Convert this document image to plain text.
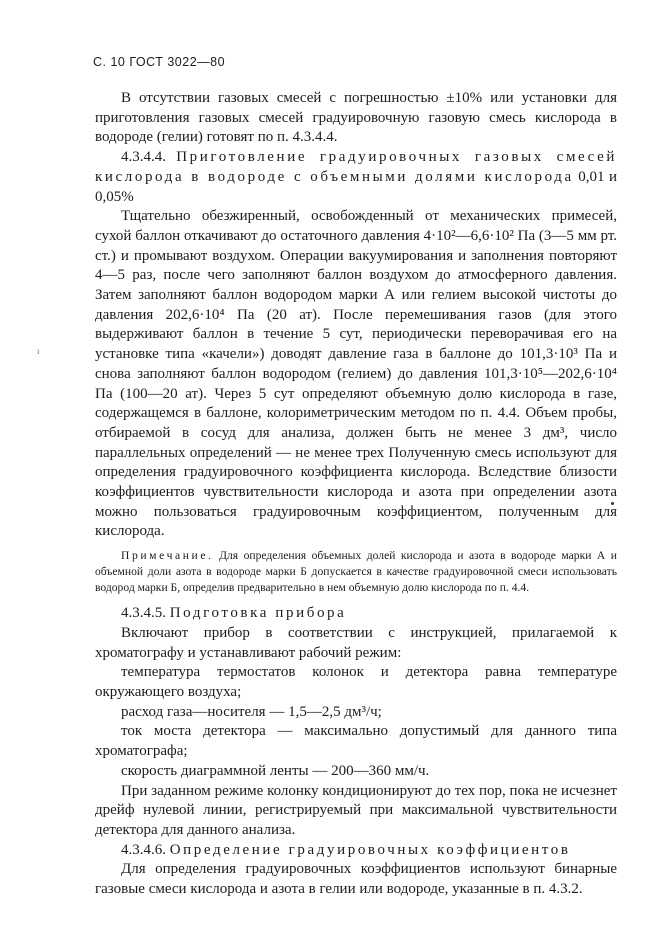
С. 10 ГОСТ 3022—80
ı

В отсутствии газовых смесей с погрешностью ±10% или установки для приготовления газовых смесей градуировочную газовую смесь кислорода в водороде (гелии) готовят по п. 4.3.4.4.

4.3.4.4. Приготовление градуировочных газовых смесей кислорода в водороде с объемными долями кислорода 0,01 и 0,05%

Тщательно обезжиренный, освобожденный от механических примесей, сухой баллон откачивают до остаточного давления 4·10²—6,6·10² Па (3—5 мм рт. ст.) и промывают воздухом. Операции вакуумирования и заполнения повторяют 4—5 раз, после чего заполняют баллон воздухом до атмосферного давления. Затем заполняют баллон водородом марки А или гелием высокой чистоты до давления 202,6·10⁴ Па (20 ат). После перемешивания газов (для этого выдерживают баллон в течение 5 сут, периодически переворачивая его на установке типа «качели») доводят давление газа в баллоне до 101,3·10³ Па и снова заполняют баллон водородом (гелием) до давления 101,3·10⁵—202,6·10⁴ Па (100—20 ат). Через 5 сут определяют объемную долю кислорода в газе, содержащемся в баллоне, колориметрическим методом по п. 4.4. Объем пробы, отбираемой в сосуд для анализа, должен быть не менее 3 дм³, число параллельных определений — не менее трех Полученную смесь используют для определения градуировочного коэффициента кислорода. Вследствие близости коэффициентов чувствительности кислорода и азота при определении азота можно пользоваться градуировочным коэффициентом, полученным для кислорода.

Примечание. Для определения объемных долей кислорода и азота в водороде марки А и объемной доли азота в водороде марки Б допускается в качестве градуировочной смеси использовать водород марки Б, определив предварительно в нем объемную долю кислорода по п. 4.4.

4.3.4.5. Подготовка прибора

Включают прибор в соответствии с инструкцией, прилагаемой к хроматографу и устанавливают рабочий режим:

температура термостатов колонок и детектора равна температуре окружающего воздуха;

расход газа—носителя — 1,5—2,5 дм³/ч;

ток моста детектора — максимально допустимый для данного типа хроматографа;

скорость диаграммной ленты — 200—360 мм/ч.

При заданном режиме колонку кондиционируют до тех пор, пока не исчезнет дрейф нулевой линии, регистрируемый при максимальной чувствительности детектора для данного анализа.

4.3.4.6. Определение градуировочных коэффициентов

Для определения градуировочных коэффициентов используют бинарные газовые смеси кислорода и азота в гелии или водороде, указанные в п. 4.3.2.
